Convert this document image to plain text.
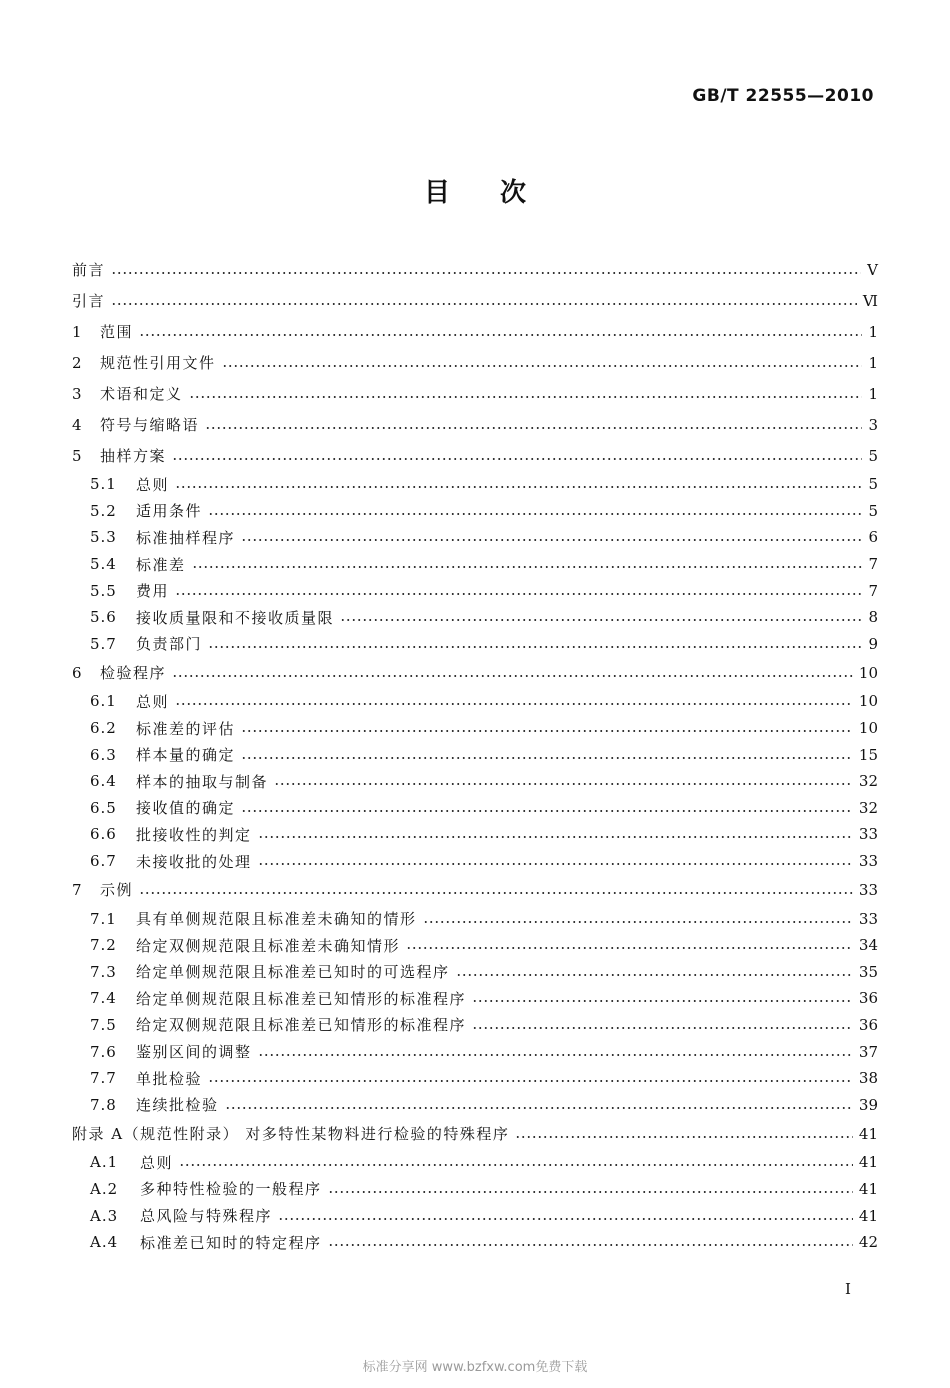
GB/T 22555—2010
目次
前言	Ⅴ
引言	Ⅵ
1	范围	1
2	规范性引用文件	1
3	术语和定义	1
4	符号与缩略语	3
5	抽样方案	5
5.1	总则	5
5.2	适用条件	5
5.3	标准抽样程序	6
5.4	标准差	7
5.5	费用	7
5.6	接收质量限和不接收质量限	8
5.7	负责部门	9
6	检验程序	10
6.1	总则	10
6.2	标准差的评估	10
6.3	样本量的确定	15
6.4	样本的抽取与制备	32
6.5	接收值的确定	32
6.6	批接收性的判定	33
6.7	未接收批的处理	33
7	示例	33
7.1	具有单侧规范限且标准差未确知的情形	33
7.2	给定双侧规范限且标准差未确知情形	34
7.3	给定单侧规范限且标准差已知时的可选程序	35
7.4	给定单侧规范限且标准差已知情形的标准程序	36
7.5	给定双侧规范限且标准差已知情形的标准程序	36
7.6	鉴别区间的调整	37
7.7	单批检验	38
7.8	连续批检验	39
附录 A（规范性附录） 对多特性某物料进行检验的特殊程序	41
A.1	总则	41
A.2	多种特性检验的一般程序	41
A.3	总风险与特殊程序	41
A.4	标准差已知时的特定程序	42
Ⅰ
标准分享网 www.bzfxw.com免费下载
